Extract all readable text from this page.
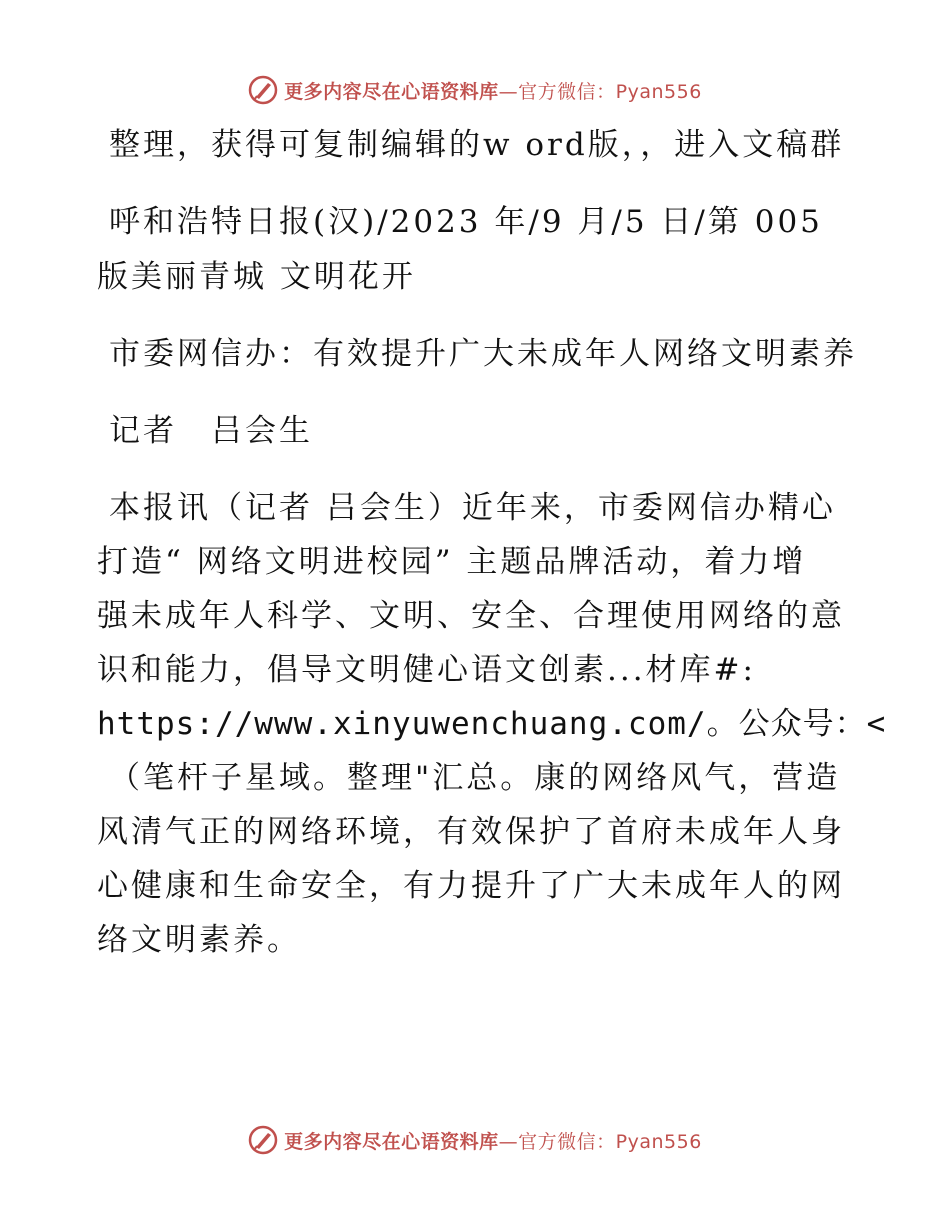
更多内容尽在心语资料库—官方微信：Pyan556

整理，获得可复制编辑的w ord版，，进入文稿群

呼和浩特日报(汉)/2023 年/9 月/5 日/第 005 版美丽青城 文明花开

市委网信办：有效提升广大未成年人网络文明素养

记者　吕会生

本报讯（记者 吕会生）近年来，市委网信办精心
打造“ 网络文明进校园” 主题品牌活动，着力增
强未成年人科学、文明、安全、合理使用网络的意
识和能力，倡导文明健心语文创素...材库#:
https://www.xinyuwenchuang.com/。公众号：<
（笔杆子星域。整理"汇总。康的网络风气，营造
风清气正的网络环境，有效保护了首府未成年人身
心健康和生命安全，有力提升了广大未成年人的网
络文明素养。
更多内容尽在心语资料库—官方微信：Pyan556
